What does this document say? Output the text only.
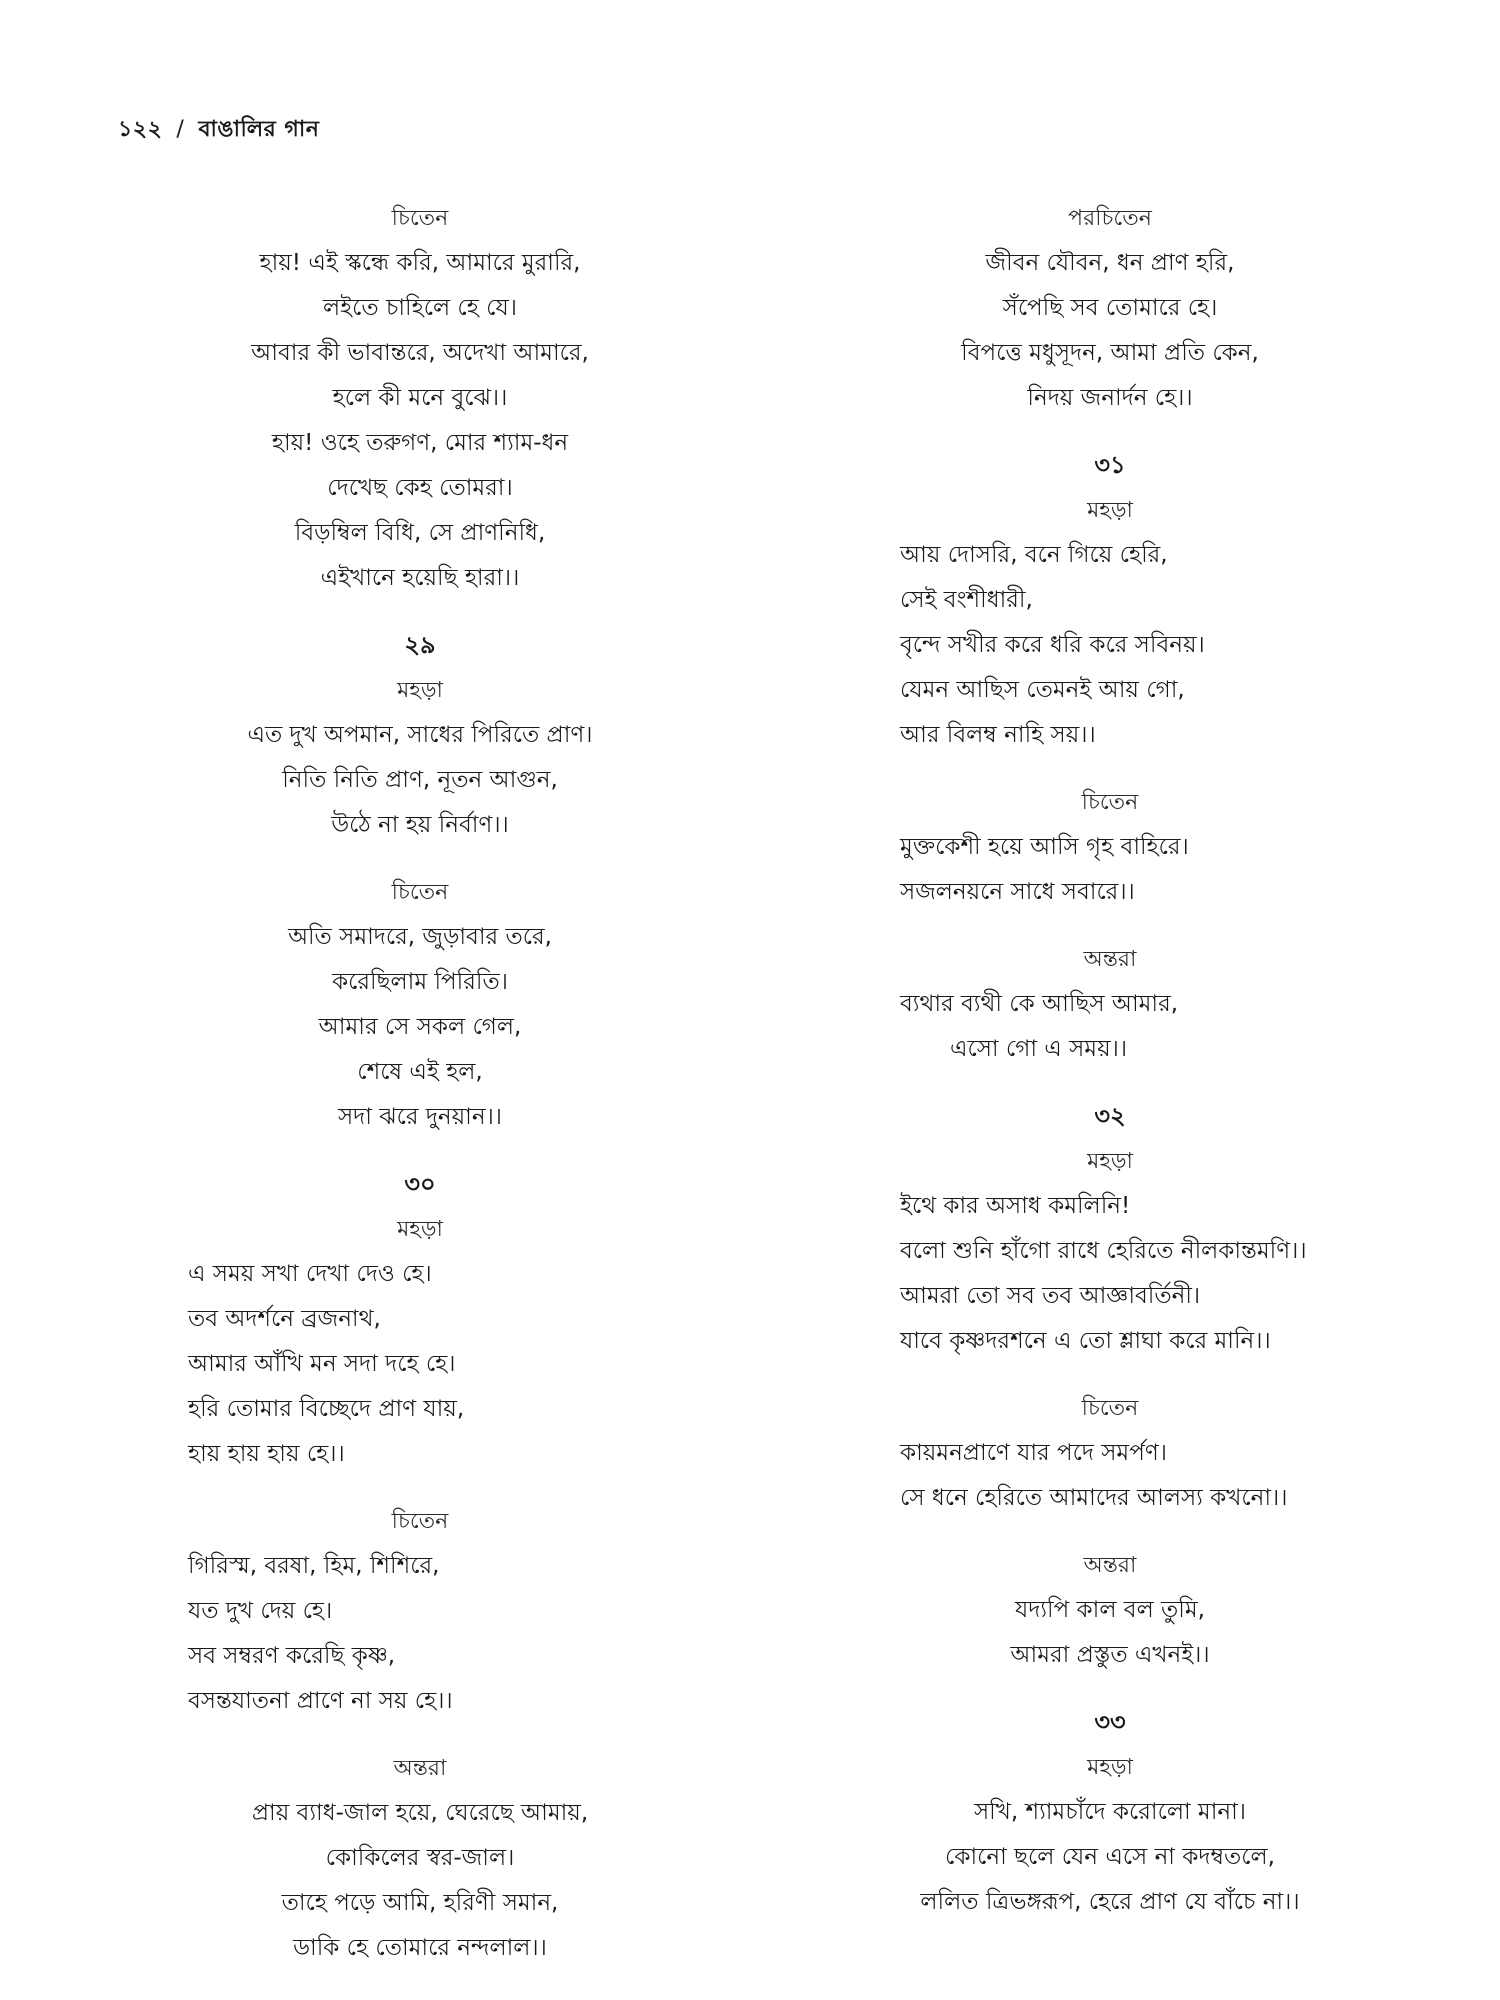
১২২ / বাঙালির গান
চিতেন
হায়! এই স্কন্ধে করি, আমারে মুরারি,
লইতে চাহিলে হে যে।
আবার কী ভাবান্তরে, অদেখা আমারে,
হলে কী মনে বুঝে।।
হায়! ওহে তরুগণ, মোর শ্যাম-ধন
দেখেছ কেহ তোমরা।
বিড়ম্বিল বিধি, সে প্রাণনিধি,
এইখানে হয়েছি হারা।।
২৯
মহড়া
এত দুখ অপমান, সাধের পিরিতে প্রাণ।
নিতি নিতি প্রাণ, নূতন আগুন,
উঠে না হয় নির্বাণ।।
চিতেন
অতি সমাদরে, জুড়াবার তরে,
করেছিলাম পিরিতি।
আমার সে সকল গেল,
শেষে এই হল,
সদা ঝরে দুনয়ান।।
৩০
মহড়া
এ সময় সখা দেখা দেও হে।
তব অদর্শনে ব্রজনাথ,
আমার আঁখি মন সদা দহে হে।
হরি তোমার বিচ্ছেদে প্রাণ যায়,
হায় হায় হায় হে।।
চিতেন
গিরিস্ম, বরষা, হিম, শিশিরে,
যত দুখ দেয় হে।
সব সম্বরণ করেছি কৃষ্ণ,
বসন্তযাতনা প্রাণে না সয় হে।।
অন্তরা
প্রায় ব্যাধ-জাল হয়ে, ঘেরেছে আমায়,
কোকিলের স্বর-জাল।
তাহে পড়ে আমি, হরিণী সমান,
ডাকি হে তোমারে নন্দলাল।।
পরচিতেন
জীবন যৌবন, ধন প্রাণ হরি,
সঁপেছি সব তোমারে হে।
বিপত্তে মধুসূদন, আমা প্রতি কেন,
নিদয় জনার্দন হে।।
৩১
মহড়া
আয় দোসরি, বনে গিয়ে হেরি,
সেই বংশীধারী,
বৃন্দে সখীর করে ধরি করে সবিনয়।
যেমন আছিস তেমনই আয় গো,
আর বিলম্ব নাহি সয়।।
চিতেন
মুক্তকেশী হয়ে আসি গৃহ বাহিরে।
সজলনয়নে সাধে সবারে।।
অন্তরা
ব্যথার ব্যথী কে আছিস আমার,
এসো গো এ সময়।।
৩২
মহড়া
ইথে কার অসাধ কমলিনি!
বলো শুনি হাঁগো রাধে হেরিতে নীলকান্তমণি।।
আমরা তো সব তব আজ্ঞাবর্তিনী।
যাবে কৃষ্ণদরশনে এ তো শ্লাঘা করে মানি।।
চিতেন
কায়মনপ্রাণে যার পদে সমর্পণ।
সে ধনে হেরিতে আমাদের আলস্য কখনো।।
অন্তরা
যদ্যপি কাল বল তুমি,
আমরা প্রস্তুত এখনই।।
৩৩
মহড়া
সখি, শ্যামচাঁদে করোলো মানা।
কোনো ছলে যেন এসে না কদম্বতলে,
ললিত ত্রিভঙ্গরূপ, হেরে প্রাণ যে বাঁচে না।।
